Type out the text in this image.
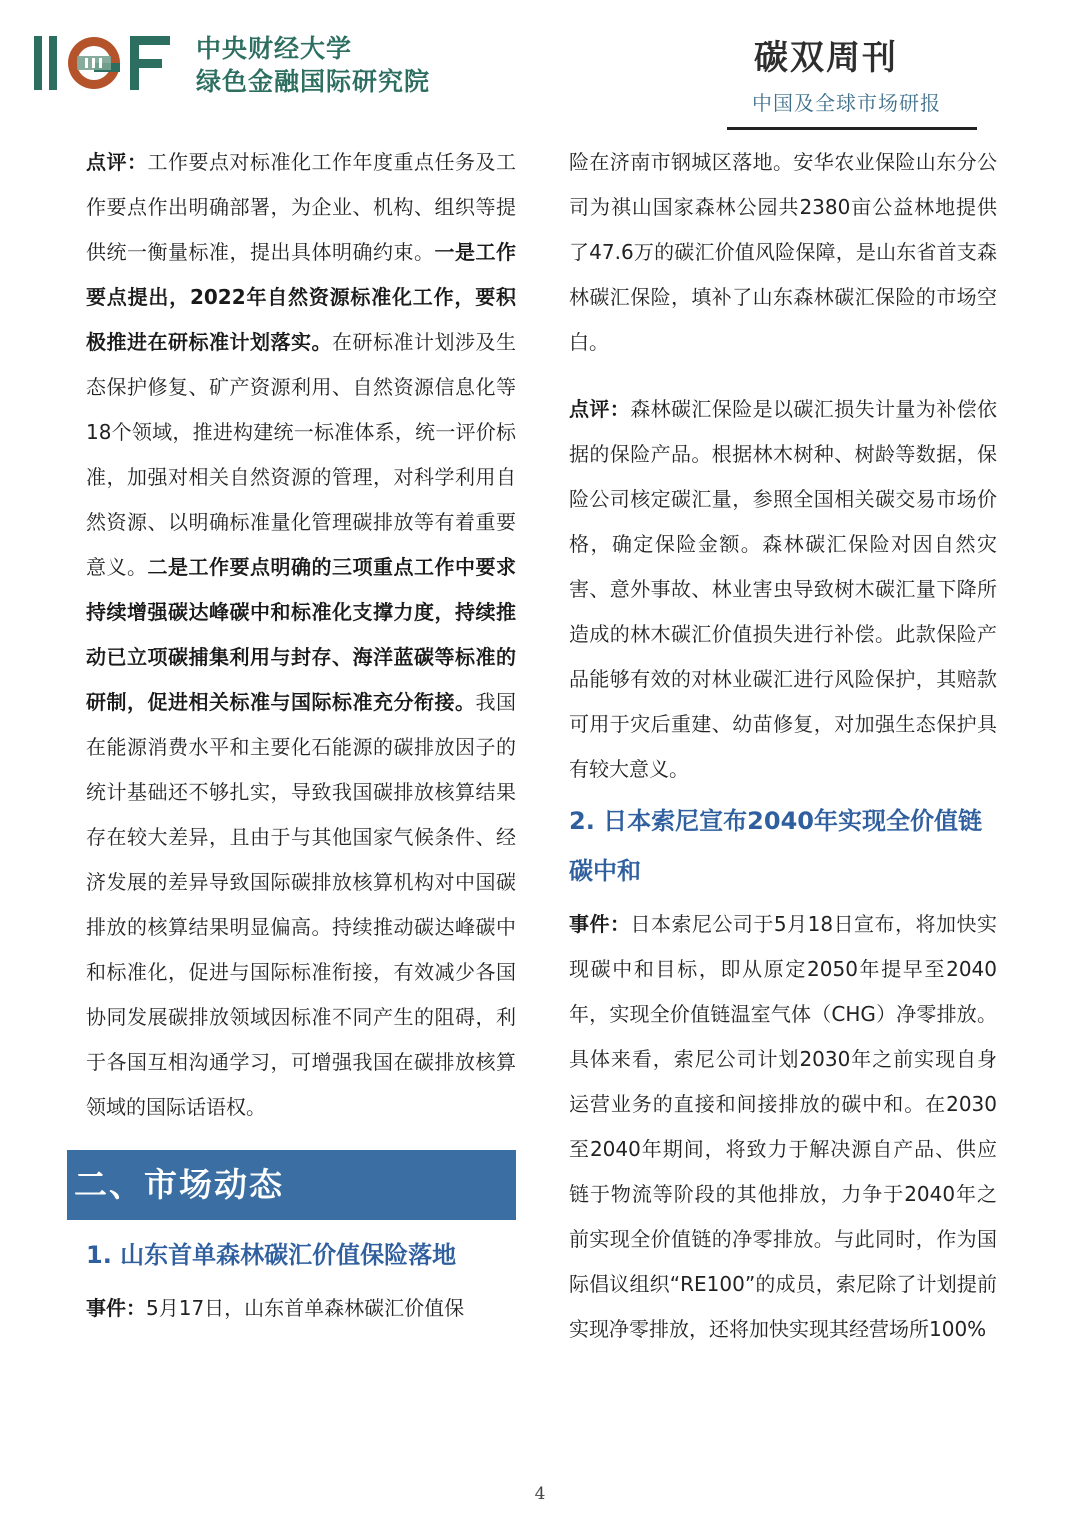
中央财经大学
绿色金融国际研究院
碳双周刊
中国及全球市场研报

点评：工作要点对标准化工作年度重点任务及工作要点作出明确部署，为企业、机构、组织等提供统一衡量标准，提出具体明确约束。一是工作要点提出，2022年自然资源标准化工作，要积极推进在研标准计划落实。在研标准计划涉及生态保护修复、矿产资源利用、自然资源信息化等18个领域，推进构建统一标准体系，统一评价标准，加强对相关自然资源的管理，对科学利用自然资源、以明确标准量化管理碳排放等有着重要意义。二是工作要点明确的三项重点工作中要求持续增强碳达峰碳中和标准化支撑力度，持续推动已立项碳捕集利用与封存、海洋蓝碳等标准的研制，促进相关标准与国际标准充分衔接。我国在能源消费水平和主要化石能源的碳排放因子的统计基础还不够扎实，导致我国碳排放核算结果存在较大差异，且由于与其他国家气候条件、经济发展的差异导致国际碳排放核算机构对中国碳排放的核算结果明显偏高。持续推动碳达峰碳中和标准化，促进与国际标准衔接，有效减少各国协同发展碳排放领域因标准不同产生的阻碍，利于各国互相沟通学习，可增强我国在碳排放核算领域的国际话语权。

二、市场动态
1. 山东首单森林碳汇价值保险落地

事件：5月17日，山东首单森林碳汇价值保

险在济南市钢城区落地。安华农业保险山东分公司为祺山国家森林公园共2380亩公益林地提供了47.6万的碳汇价值风险保障，是山东省首支森林碳汇保险，填补了山东森林碳汇保险的市场空白。

点评：森林碳汇保险是以碳汇损失计量为补偿依据的保险产品。根据林木树种、树龄等数据，保险公司核定碳汇量，参照全国相关碳交易市场价格，确定保险金额。森林碳汇保险对因自然灾害、意外事故、林业害虫导致树木碳汇量下降所造成的林木碳汇价值损失进行补偿。此款保险产品能够有效的对林业碳汇进行风险保护，其赔款可用于灾后重建、幼苗修复，对加强生态保护具有较大意义。

2. 日本索尼宣布2040年实现全价值链碳中和

事件：日本索尼公司于5月18日宣布，将加快实现碳中和目标，即从原定2050年提早至2040年，实现全价值链温室气体（CHG）净零排放。具体来看，索尼公司计划2030年之前实现自身运营业务的直接和间接排放的碳中和。在2030至2040年期间，将致力于解决源自产品、供应链于物流等阶段的其他排放，力争于2040年之前实现全价值链的净零排放。与此同时，作为国际倡议组织“RE100”的成员，索尼除了计划提前实现净零排放，还将加快实现其经营场所100%

4
